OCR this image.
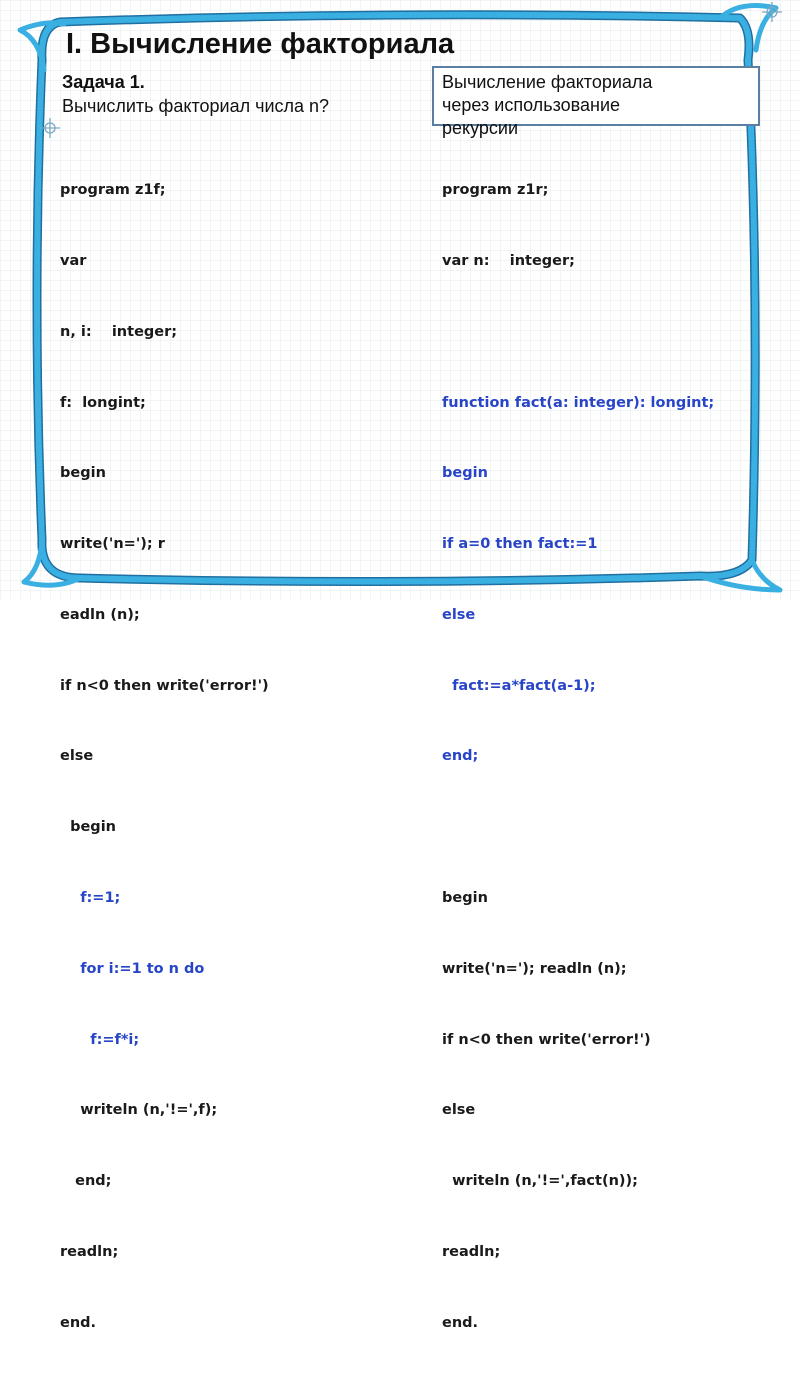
I. Вычисление факториала
Задача 1.
Вычислить факториал числа n?
Вычисление факториала
через использование
рекурсии

program z1f;

var

n, i:    integer;

f:  longint;

begin

write('n='); r

eadln (n);

if n<0 then write('error!')

else

begin

f:=1;

for i:=1 to n do

f:=f*i;

writeln (n,'!=',f);

end;

readln;

end.

program z1r;

var n:    integer;

function fact(a: integer): longint;

begin

if a=0 then fact:=1

else

fact:=a*fact(a-1);

end;

begin

write('n='); readln (n);

if n<0 then write('error!')

else

writeln (n,'!=',fact(n));

readln;

end.
